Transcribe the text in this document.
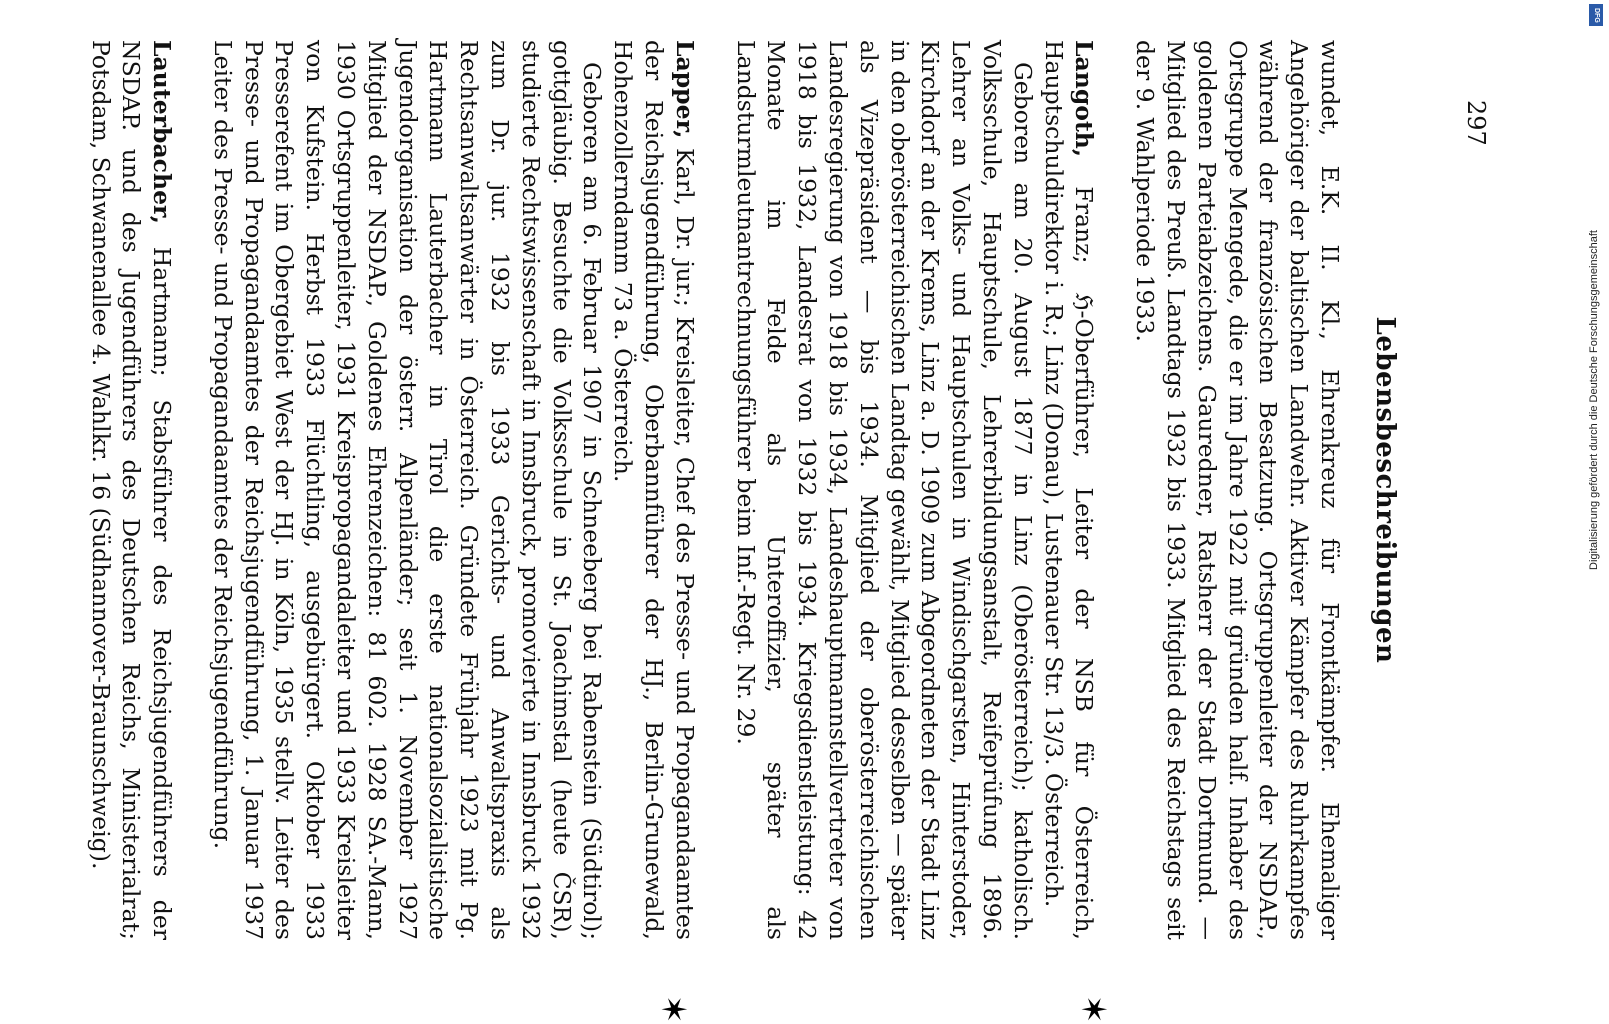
Lebensbeschreibungen

wundet, E.K. II. Kl., Ehrenkreuz für Frontkämpfer. Ehemaliger Angehöriger der baltischen Landwehr. Aktiver Kämpfer des Ruhrkampfes während der französischen Besatzung. Ortsgruppenleiter der NSDAP., Ortsgruppe Mengede, die er im Jahre 1922 mit gründen half. Inhaber des goldenen Parteiabzeichens. Gauredner, Ratsherr der Stadt Dortmund. — Mitglied des Preuß. Landtags 1932 bis 1933. Mitglied des Reichstags seit der 9. Wahlperiode 1933.

Langoth, Franz; ℌ-Oberführer, Leiter der NSB für Österreich, Hauptschuldirektor i. R.; Linz (Donau), Lustenauer Str. 13/3. Österreich.

Geboren am 20. August 1877 in Linz (Oberösterreich); katholisch. Volksschule, Hauptschule, Lehrerbildungsanstalt, Reifeprüfung 1896. Lehrer an Volks- und Hauptschulen in Windischgarsten, Hinterstoder, Kirchdorf an der Krems, Linz a. D. 1909 zum Abgeordneten der Stadt Linz in den oberösterreichischen Landtag gewählt, Mitglied desselben — später als Vizepräsident — bis 1934. Mitglied der oberösterreichischen Landesregierung von 1918 bis 1934, Landeshauptmannstellvertreter von 1918 bis 1932, Landesrat von 1932 bis 1934. Kriegsdienstleistung: 42 Monate im Felde als Unteroffizier, später als Landsturmleutnantrechnungsführer beim Inf.-Regt. Nr. 29.

Lapper, Karl, Dr. jur.; Kreisleiter, Chef des Presse- und Propagandaamtes der Reichsjugendführung, Oberbannführer der HJ., Berlin-Grunewald, Hohenzollerndamm 73 a. Österreich.

Geboren am 6. Februar 1907 in Schneeberg bei Rabenstein (Südtirol); gottgläubig. Besuchte die Volksschule in St. Joachimstal (heute ČSR), studierte Rechtswissenschaft in Innsbruck, promovierte in Innsbruck 1932 zum Dr. jur. 1932 bis 1933 Gerichts- und Anwaltspraxis als Rechtsanwaltsanwärter in Österreich. Gründete Frühjahr 1923 mit Pg. Hartmann Lauterbacher in Tirol die erste nationalsozialistische Jugendorganisation der österr. Alpenländer; seit 1. November 1927 Mitglied der NSDAP., Goldenes Ehrenzeichen: 81 602. 1928 SA.-Mann, 1930 Ortsgruppenleiter, 1931 Kreispropagandaleiter und 1933 Kreisleiter von Kufstein. Herbst 1933 Flüchtling, ausgebürgert. Oktober 1933 Presserefent im Obergebiet West der HJ. in Köln, 1935 stellv. Leiter des Presse- und Propagandaamtes der Reichsjugendführung, 1. Januar 1937 Leiter des Presse- und Propagandaamtes der Reichsjugendführung.

Lauterbacher, Hartmann; Stabsführer des Reichsjugendführers der NSDAP. und des Jugendführers des Deutschen Reichs, Ministerialrat; Potsdam, Schwanenallee 4. Wahlkr. 16 (Südhannover-Braunschweig).

✶
✶
297
Digitalisierung gefördert durch die Deutsche Forschungsgemeinschaft
DFG
